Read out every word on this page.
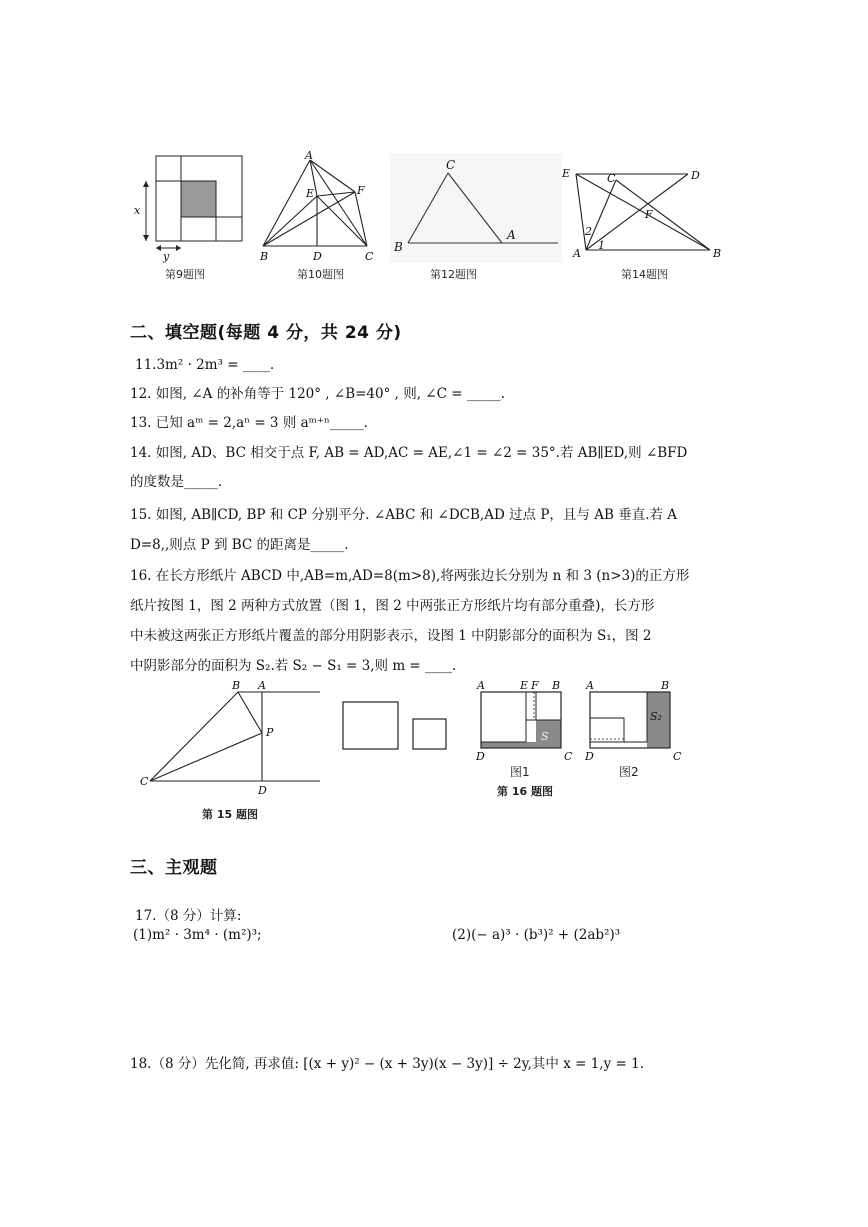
x
y
第9题图
A
E	F
B	D	C
第10题图
C
B
A
第12题图
E	C	D
F
2
1
A	B
第14题图
二、填空题(每题 4 分，共 24 分)
11.3m² · 2m³ = ____.
12. 如图, ∠A 的补角等于 120° , ∠B=40° , 则, ∠C = _____.
13. 已知 aᵐ = 2,aⁿ = 3 则 aᵐ⁺ⁿ_____.
14. 如图, AD、BC 相交于点 F, AB = AD,AC = AE,∠1 = ∠2 = 35°.若 AB∥ED,则 ∠BFD
的度数是_____.
15. 如图, AB∥CD, BP 和 CP 分别平分. ∠ABC 和 ∠DCB,AD 过点 P，且与 AB 垂直.若 A
D=8,,则点 P 到 BC 的距离是_____.
16. 在长方形纸片 ABCD 中,AB=m,AD=8(m>8),将两张边长分别为 n 和 3 (n>3)的正方形
纸片按图 1，图 2 两种方式放置（图 1，图 2 中两张正方形纸片均有部分重叠)，长方形
中未被这两张正方形纸片覆盖的部分用阴影表示，设图 1 中阴影部分的面积为 S₁，图 2
中阴影部分的面积为 S₂.若 S₂ − S₁ = 3,则 m = ____.
B A
P
C
D
第 15 题图
A	E F B
D	C
S
图1
A	B
S₂
D	C
图2
第 16 题图
三、主观题
17.（8 分）计算:
(1)m² · 3m⁴ · (m²)³;	(2)(− a)³ · (b³)² + (2ab²)³
18.（8 分）先化简, 再求值: [(x + y)² − (x + 3y)(x − 3y)] ÷ 2y,其中 x = 1,y = 1.
